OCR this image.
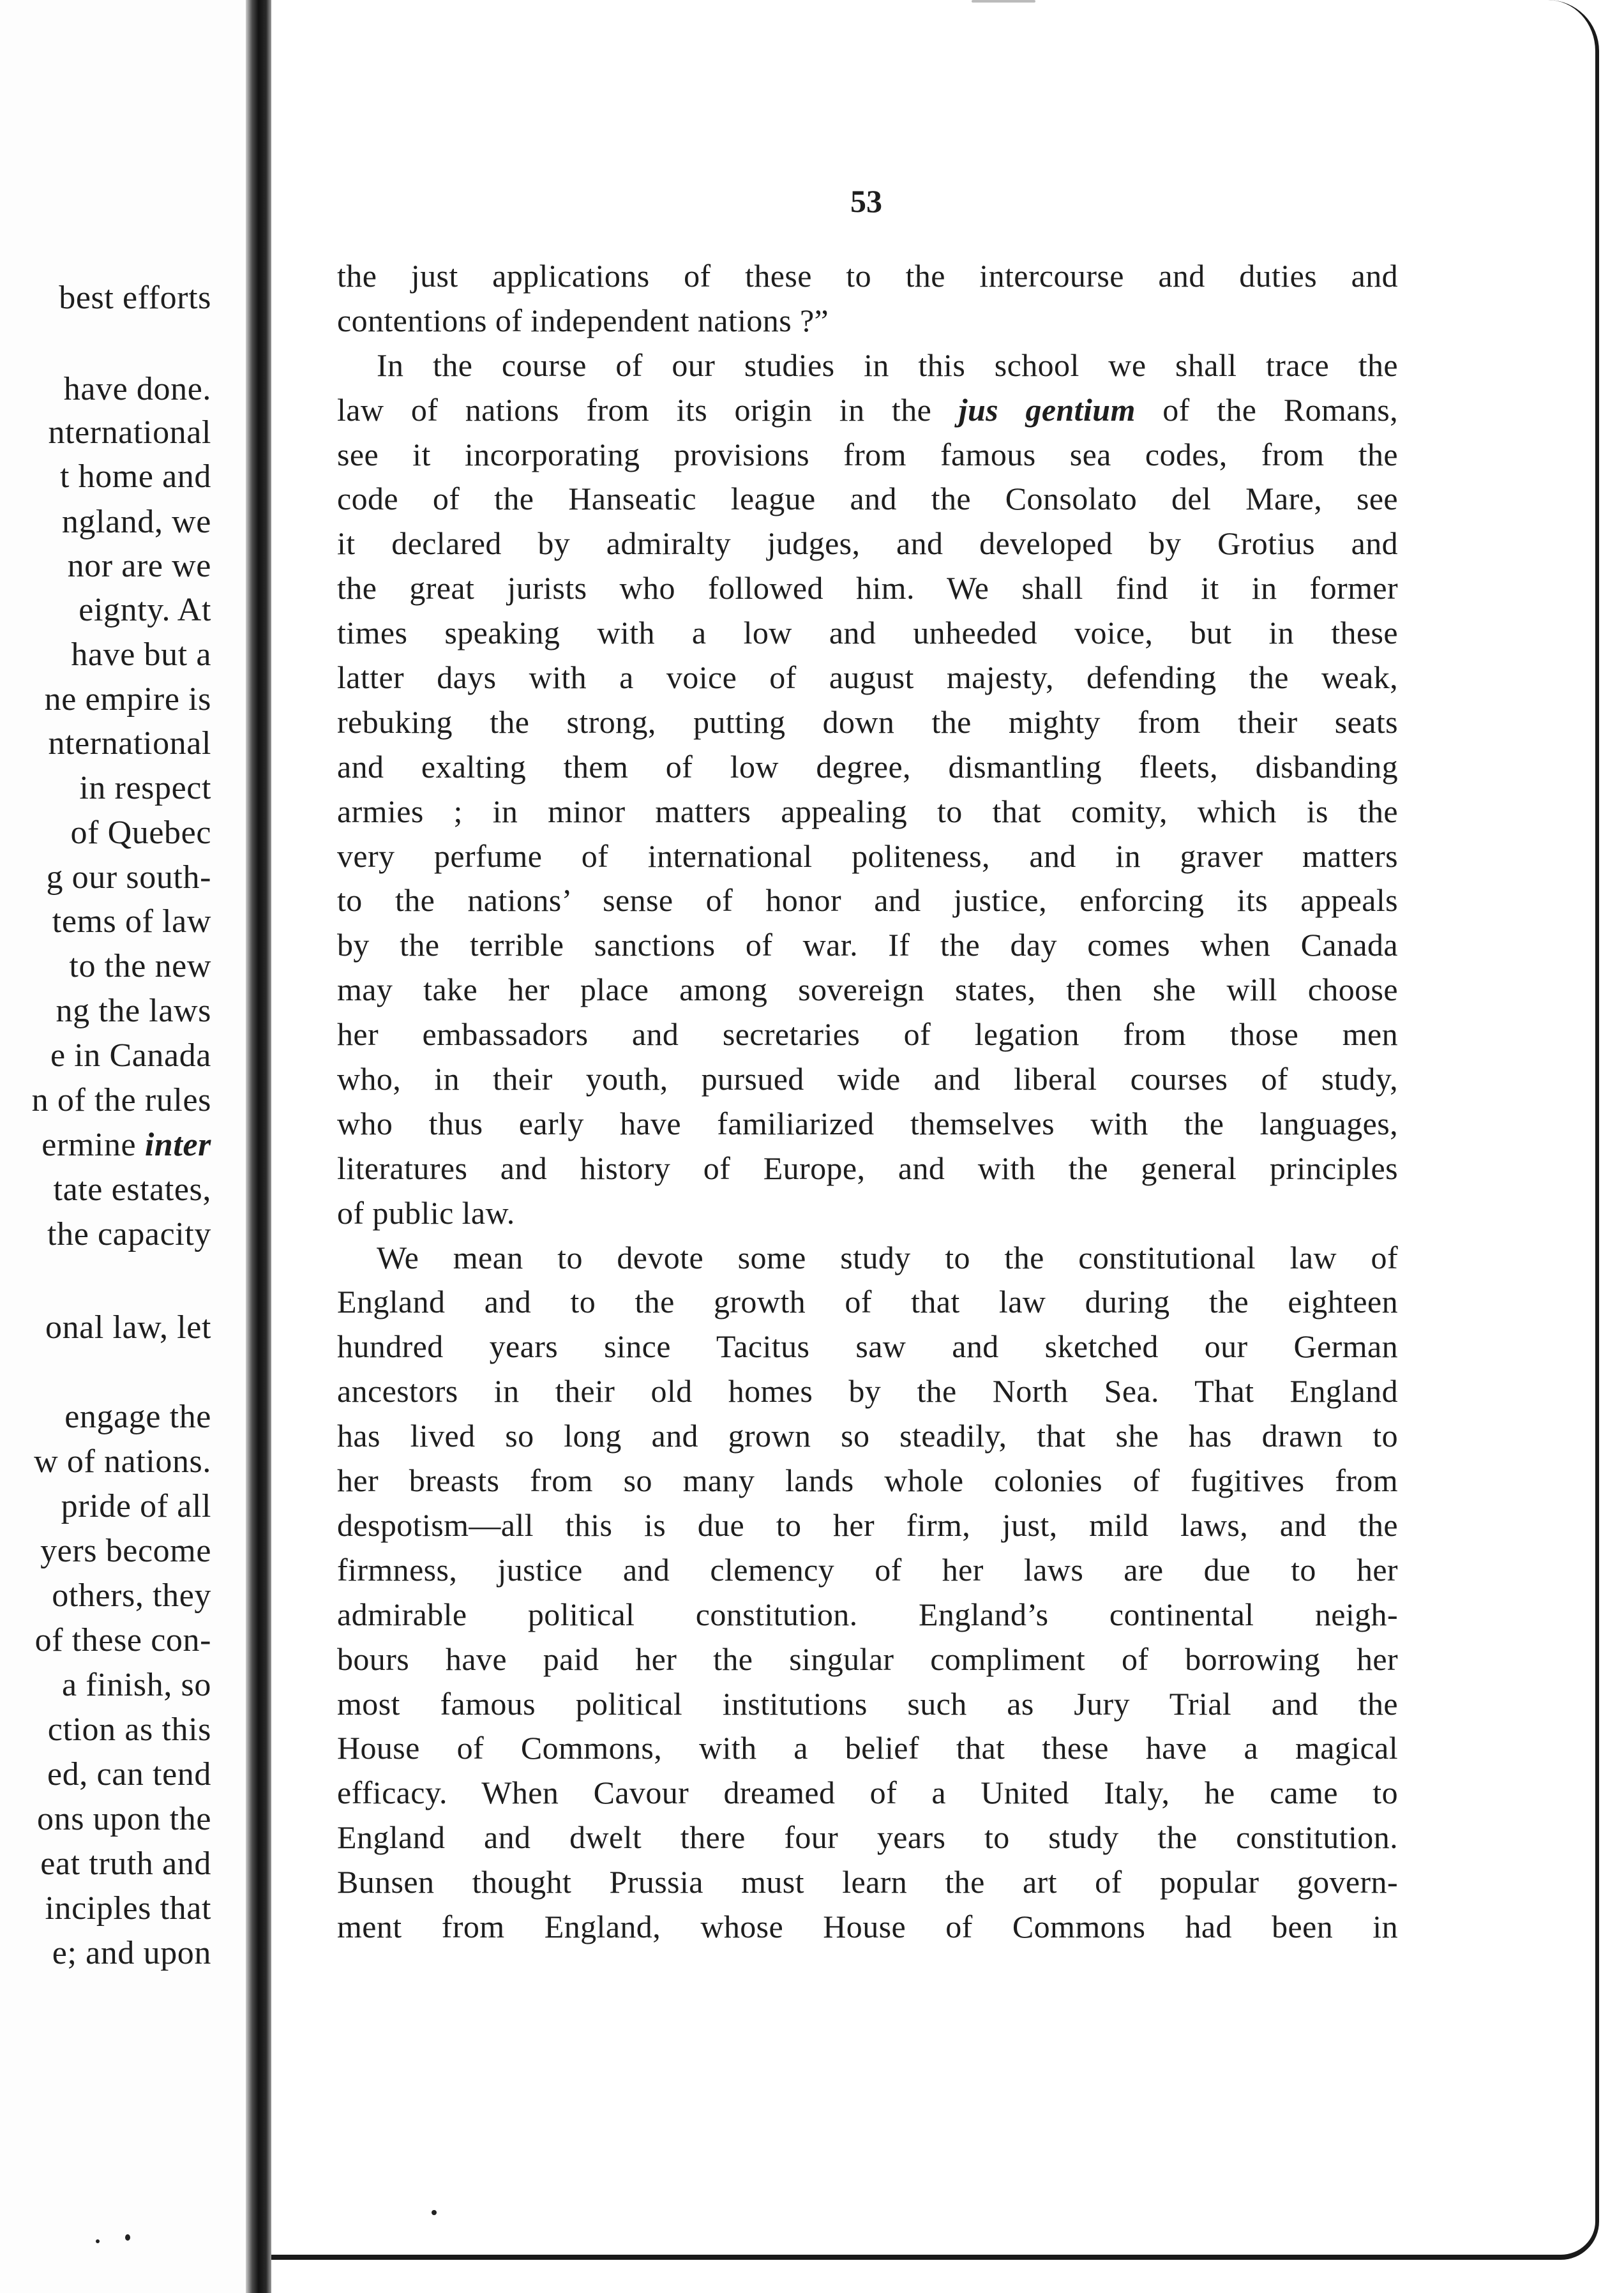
best efforts
have done.
nternational
t home and
ngland, we
nor are we
eignty. At
have but a
ne empire is
nternational
in respect
of Quebec
g our south-
tems of law
to the new
ng the laws
e in Canada
n of the rules
ermine inter
tate estates,
the capacity
onal law, let
engage the
w of nations.
pride of all
yers become
others, they
of these con-
a finish, so
ction as this
ed, can tend
ons upon the
eat truth and
inciples that
e; and upon
53
the just applications of these to the intercourse and duties and
contentions of independent nations ?”
In the course of our studies in this school we shall trace the
law of nations from its origin in the jus gentium of the Romans,
see it incorporating provisions from famous sea codes, from the
code of the Hanseatic league and the Consolato del Mare, see
it declared by admiralty judges, and developed by Grotius and
the great jurists who followed him. We shall find it in former
times speaking with a low and unheeded voice, but in these
latter days with a voice of august majesty, defending the weak,
rebuking the strong, putting down the mighty from their seats
and exalting them of low degree, dismantling fleets, disbanding
armies ; in minor matters appealing to that comity, which is the
very perfume of international politeness, and in graver matters
to the nations’ sense of honor and justice, enforcing its appeals
by the terrible sanctions of war. If the day comes when Canada
may take her place among sovereign states, then she will choose
her embassadors and secretaries of legation from those men
who, in their youth, pursued wide and liberal courses of study,
who thus early have familiarized themselves with the languages,
literatures and history of Europe, and with the general principles
of public law.
We mean to devote some study to the constitutional law of
England and to the growth of that law during the eighteen
hundred years since Tacitus saw and sketched our German
ancestors in their old homes by the North Sea. That England
has lived so long and grown so steadily, that she has drawn to
her breasts from so many lands whole colonies of fugitives from
despotism—all this is due to her firm, just, mild laws, and the
firmness, justice and clemency of her laws are due to her
admirable political constitution. England’s continental neigh-
bours have paid her the singular compliment of borrowing her
most famous political institutions such as Jury Trial and the
House of Commons, with a belief that these have a magical
efficacy. When Cavour dreamed of a United Italy, he came to
England and dwelt there four years to study the constitution.
Bunsen thought Prussia must learn the art of popular govern-
ment from England, whose House of Commons had been in
